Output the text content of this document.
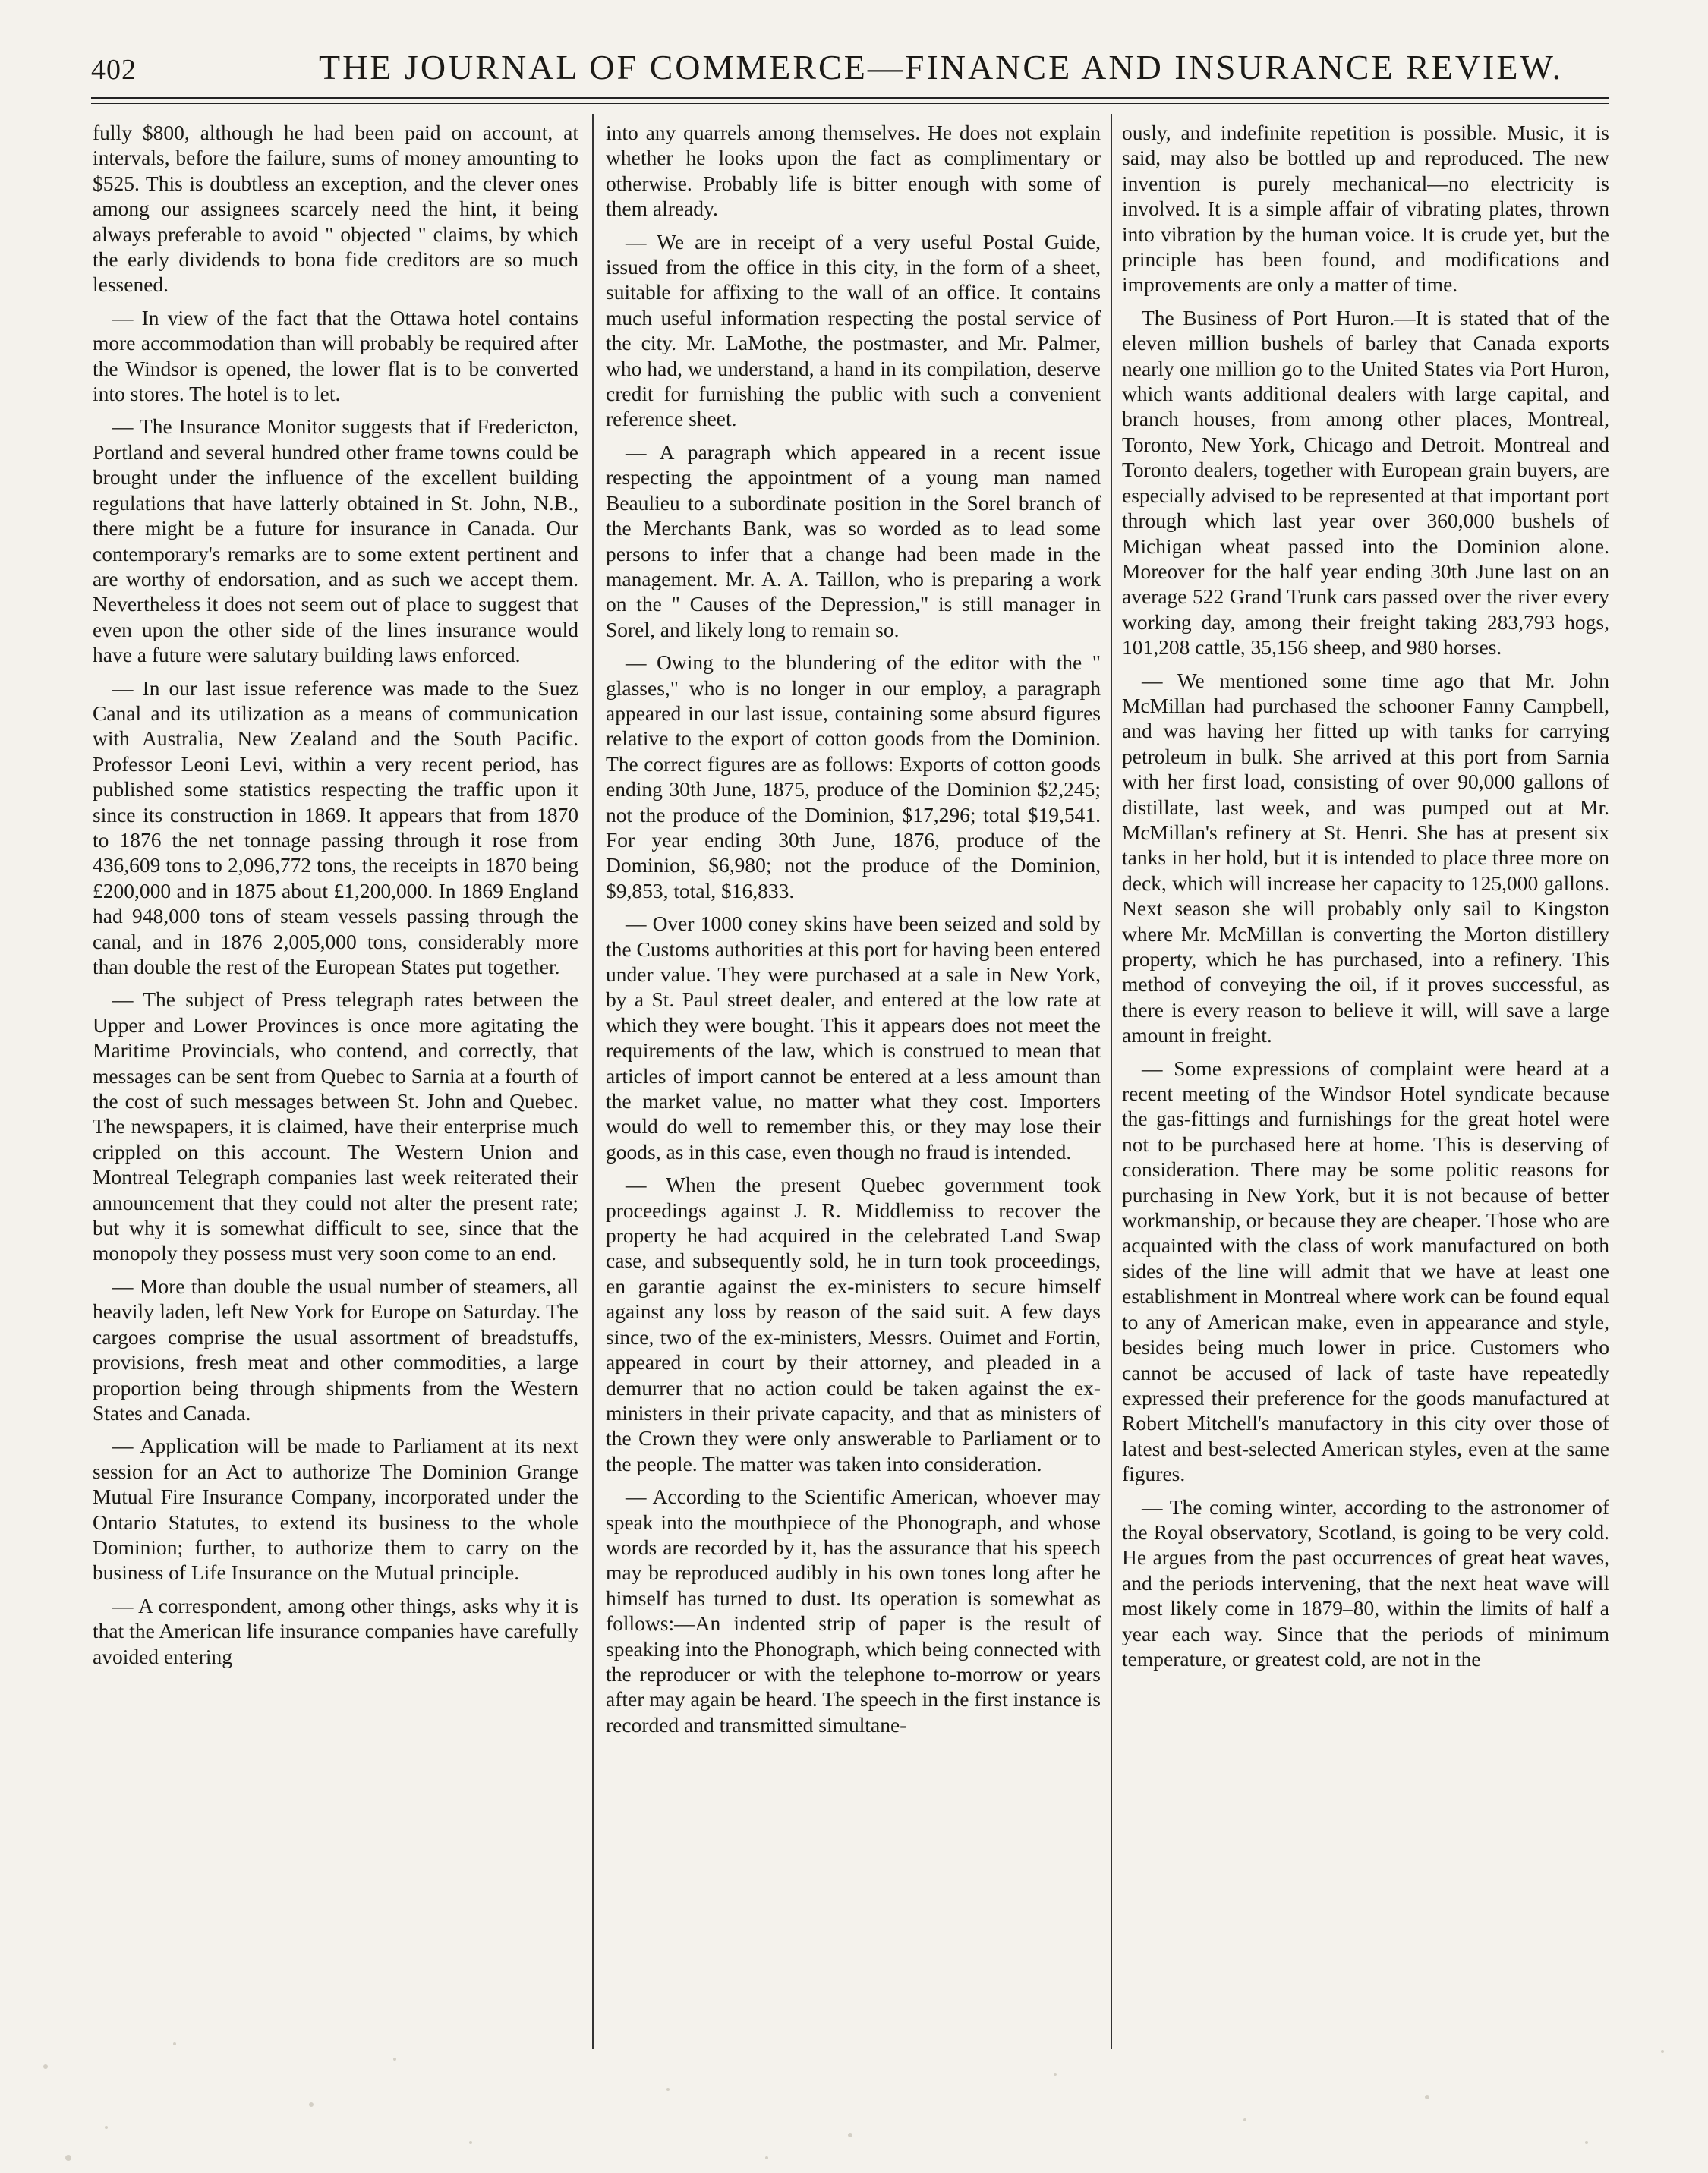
402	THE JOURNAL OF COMMERCE—FINANCE AND INSURANCE REVIEW.

fully $800, although he had been paid on account, at intervals, before the failure, sums of money amounting to $525. This is doubtless an exception, and the clever ones among our assignees scarcely need the hint, it being always preferable to avoid " objected " claims, by which the early dividends to bona fide creditors are so much lessened.

— In view of the fact that the Ottawa hotel contains more accommodation than will probably be required after the Windsor is opened, the lower flat is to be converted into stores. The hotel is to let.

— The Insurance Monitor suggests that if Fredericton, Portland and several hundred other frame towns could be brought under the influence of the excellent building regulations that have latterly obtained in St. John, N.B., there might be a future for insurance in Canada. Our contemporary's remarks are to some extent pertinent and are worthy of endorsation, and as such we accept them. Nevertheless it does not seem out of place to suggest that even upon the other side of the lines insurance would have a future were salutary building laws enforced.

— In our last issue reference was made to the Suez Canal and its utilization as a means of communication with Australia, New Zealand and the South Pacific. Professor Leoni Levi, within a very recent period, has published some statistics respecting the traffic upon it since its construction in 1869. It appears that from 1870 to 1876 the net tonnage passing through it rose from 436,609 tons to 2,096,772 tons, the receipts in 1870 being £200,000 and in 1875 about £1,200,000. In 1869 England had 948,000 tons of steam vessels passing through the canal, and in 1876 2,005,000 tons, considerably more than double the rest of the European States put together.

— The subject of Press telegraph rates between the Upper and Lower Provinces is once more agitating the Maritime Provincials, who contend, and correctly, that messages can be sent from Quebec to Sarnia at a fourth of the cost of such messages between St. John and Quebec. The newspapers, it is claimed, have their enterprise much crippled on this account. The Western Union and Montreal Telegraph companies last week reiterated their announcement that they could not alter the present rate; but why it is somewhat difficult to see, since that the monopoly they possess must very soon come to an end.

— More than double the usual number of steamers, all heavily laden, left New York for Europe on Saturday. The cargoes comprise the usual assortment of breadstuffs, provisions, fresh meat and other commodities, a large proportion being through shipments from the Western States and Canada.

— Application will be made to Parliament at its next session for an Act to authorize The Dominion Grange Mutual Fire Insurance Company, incorporated under the Ontario Statutes, to extend its business to the whole Dominion; further, to authorize them to carry on the business of Life Insurance on the Mutual principle.

— A correspondent, among other things, asks why it is that the American life insurance companies have carefully avoided entering

into any quarrels among themselves. He does not explain whether he looks upon the fact as complimentary or otherwise. Probably life is bitter enough with some of them already.

— We are in receipt of a very useful Postal Guide, issued from the office in this city, in the form of a sheet, suitable for affixing to the wall of an office. It contains much useful information respecting the postal service of the city. Mr. LaMothe, the postmaster, and Mr. Palmer, who had, we understand, a hand in its compilation, deserve credit for furnishing the public with such a convenient reference sheet.

— A paragraph which appeared in a recent issue respecting the appointment of a young man named Beaulieu to a subordinate position in the Sorel branch of the Merchants Bank, was so worded as to lead some persons to infer that a change had been made in the management. Mr. A. A. Taillon, who is preparing a work on the " Causes of the Depression," is still manager in Sorel, and likely long to remain so.

— Owing to the blundering of the editor with the " glasses," who is no longer in our employ, a paragraph appeared in our last issue, containing some absurd figures relative to the export of cotton goods from the Dominion. The correct figures are as follows: Exports of cotton goods ending 30th June, 1875, produce of the Dominion $2,245; not the produce of the Dominion, $17,296; total $19,541. For year ending 30th June, 1876, produce of the Dominion, $6,980; not the produce of the Dominion, $9,853, total, $16,833.

— Over 1000 coney skins have been seized and sold by the Customs authorities at this port for having been entered under value. They were purchased at a sale in New York, by a St. Paul street dealer, and entered at the low rate at which they were bought. This it appears does not meet the requirements of the law, which is construed to mean that articles of import cannot be entered at a less amount than the market value, no matter what they cost. Importers would do well to remember this, or they may lose their goods, as in this case, even though no fraud is intended.

— When the present Quebec government took proceedings against J. R. Middlemiss to recover the property he had acquired in the celebrated Land Swap case, and subsequently sold, he in turn took proceedings, en garantie against the ex-ministers to secure himself against any loss by reason of the said suit. A few days since, two of the ex-ministers, Messrs. Ouimet and Fortin, appeared in court by their attorney, and pleaded in a demurrer that no action could be taken against the ex-ministers in their private capacity, and that as ministers of the Crown they were only answerable to Parliament or to the people. The matter was taken into consideration.

— According to the Scientific American, whoever may speak into the mouthpiece of the Phonograph, and whose words are recorded by it, has the assurance that his speech may be reproduced audibly in his own tones long after he himself has turned to dust. Its operation is somewhat as follows:—An indented strip of paper is the result of speaking into the Phonograph, which being connected with the reproducer or with the telephone to-morrow or years after may again be heard. The speech in the first instance is recorded and transmitted simultane-

ously, and indefinite repetition is possible. Music, it is said, may also be bottled up and reproduced. The new invention is purely mechanical—no electricity is involved. It is a simple affair of vibrating plates, thrown into vibration by the human voice. It is crude yet, but the principle has been found, and modifications and improvements are only a matter of time.

The Business of Port Huron.—It is stated that of the eleven million bushels of barley that Canada exports nearly one million go to the United States via Port Huron, which wants additional dealers with large capital, and branch houses, from among other places, Montreal, Toronto, New York, Chicago and Detroit. Montreal and Toronto dealers, together with European grain buyers, are especially advised to be represented at that important port through which last year over 360,000 bushels of Michigan wheat passed into the Dominion alone. Moreover for the half year ending 30th June last on an average 522 Grand Trunk cars passed over the river every working day, among their freight taking 283,793 hogs, 101,208 cattle, 35,156 sheep, and 980 horses.

— We mentioned some time ago that Mr. John McMillan had purchased the schooner Fanny Campbell, and was having her fitted up with tanks for carrying petroleum in bulk. She arrived at this port from Sarnia with her first load, consisting of over 90,000 gallons of distillate, last week, and was pumped out at Mr. McMillan's refinery at St. Henri. She has at present six tanks in her hold, but it is intended to place three more on deck, which will increase her capacity to 125,000 gallons. Next season she will probably only sail to Kingston where Mr. McMillan is converting the Morton distillery property, which he has purchased, into a refinery. This method of conveying the oil, if it proves successful, as there is every reason to believe it will, will save a large amount in freight.

— Some expressions of complaint were heard at a recent meeting of the Windsor Hotel syndicate because the gas-fittings and furnishings for the great hotel were not to be purchased here at home. This is deserving of consideration. There may be some politic reasons for purchasing in New York, but it is not because of better workmanship, or because they are cheaper. Those who are acquainted with the class of work manufactured on both sides of the line will admit that we have at least one establishment in Montreal where work can be found equal to any of American make, even in appearance and style, besides being much lower in price. Customers who cannot be accused of lack of taste have repeatedly expressed their preference for the goods manufactured at Robert Mitchell's manufactory in this city over those of latest and best-selected American styles, even at the same figures.

— The coming winter, according to the astronomer of the Royal observatory, Scotland, is going to be very cold. He argues from the past occurrences of great heat waves, and the periods intervening, that the next heat wave will most likely come in 1879–80, within the limits of half a year each way. Since that the periods of minimum temperature, or greatest cold, are not in the
